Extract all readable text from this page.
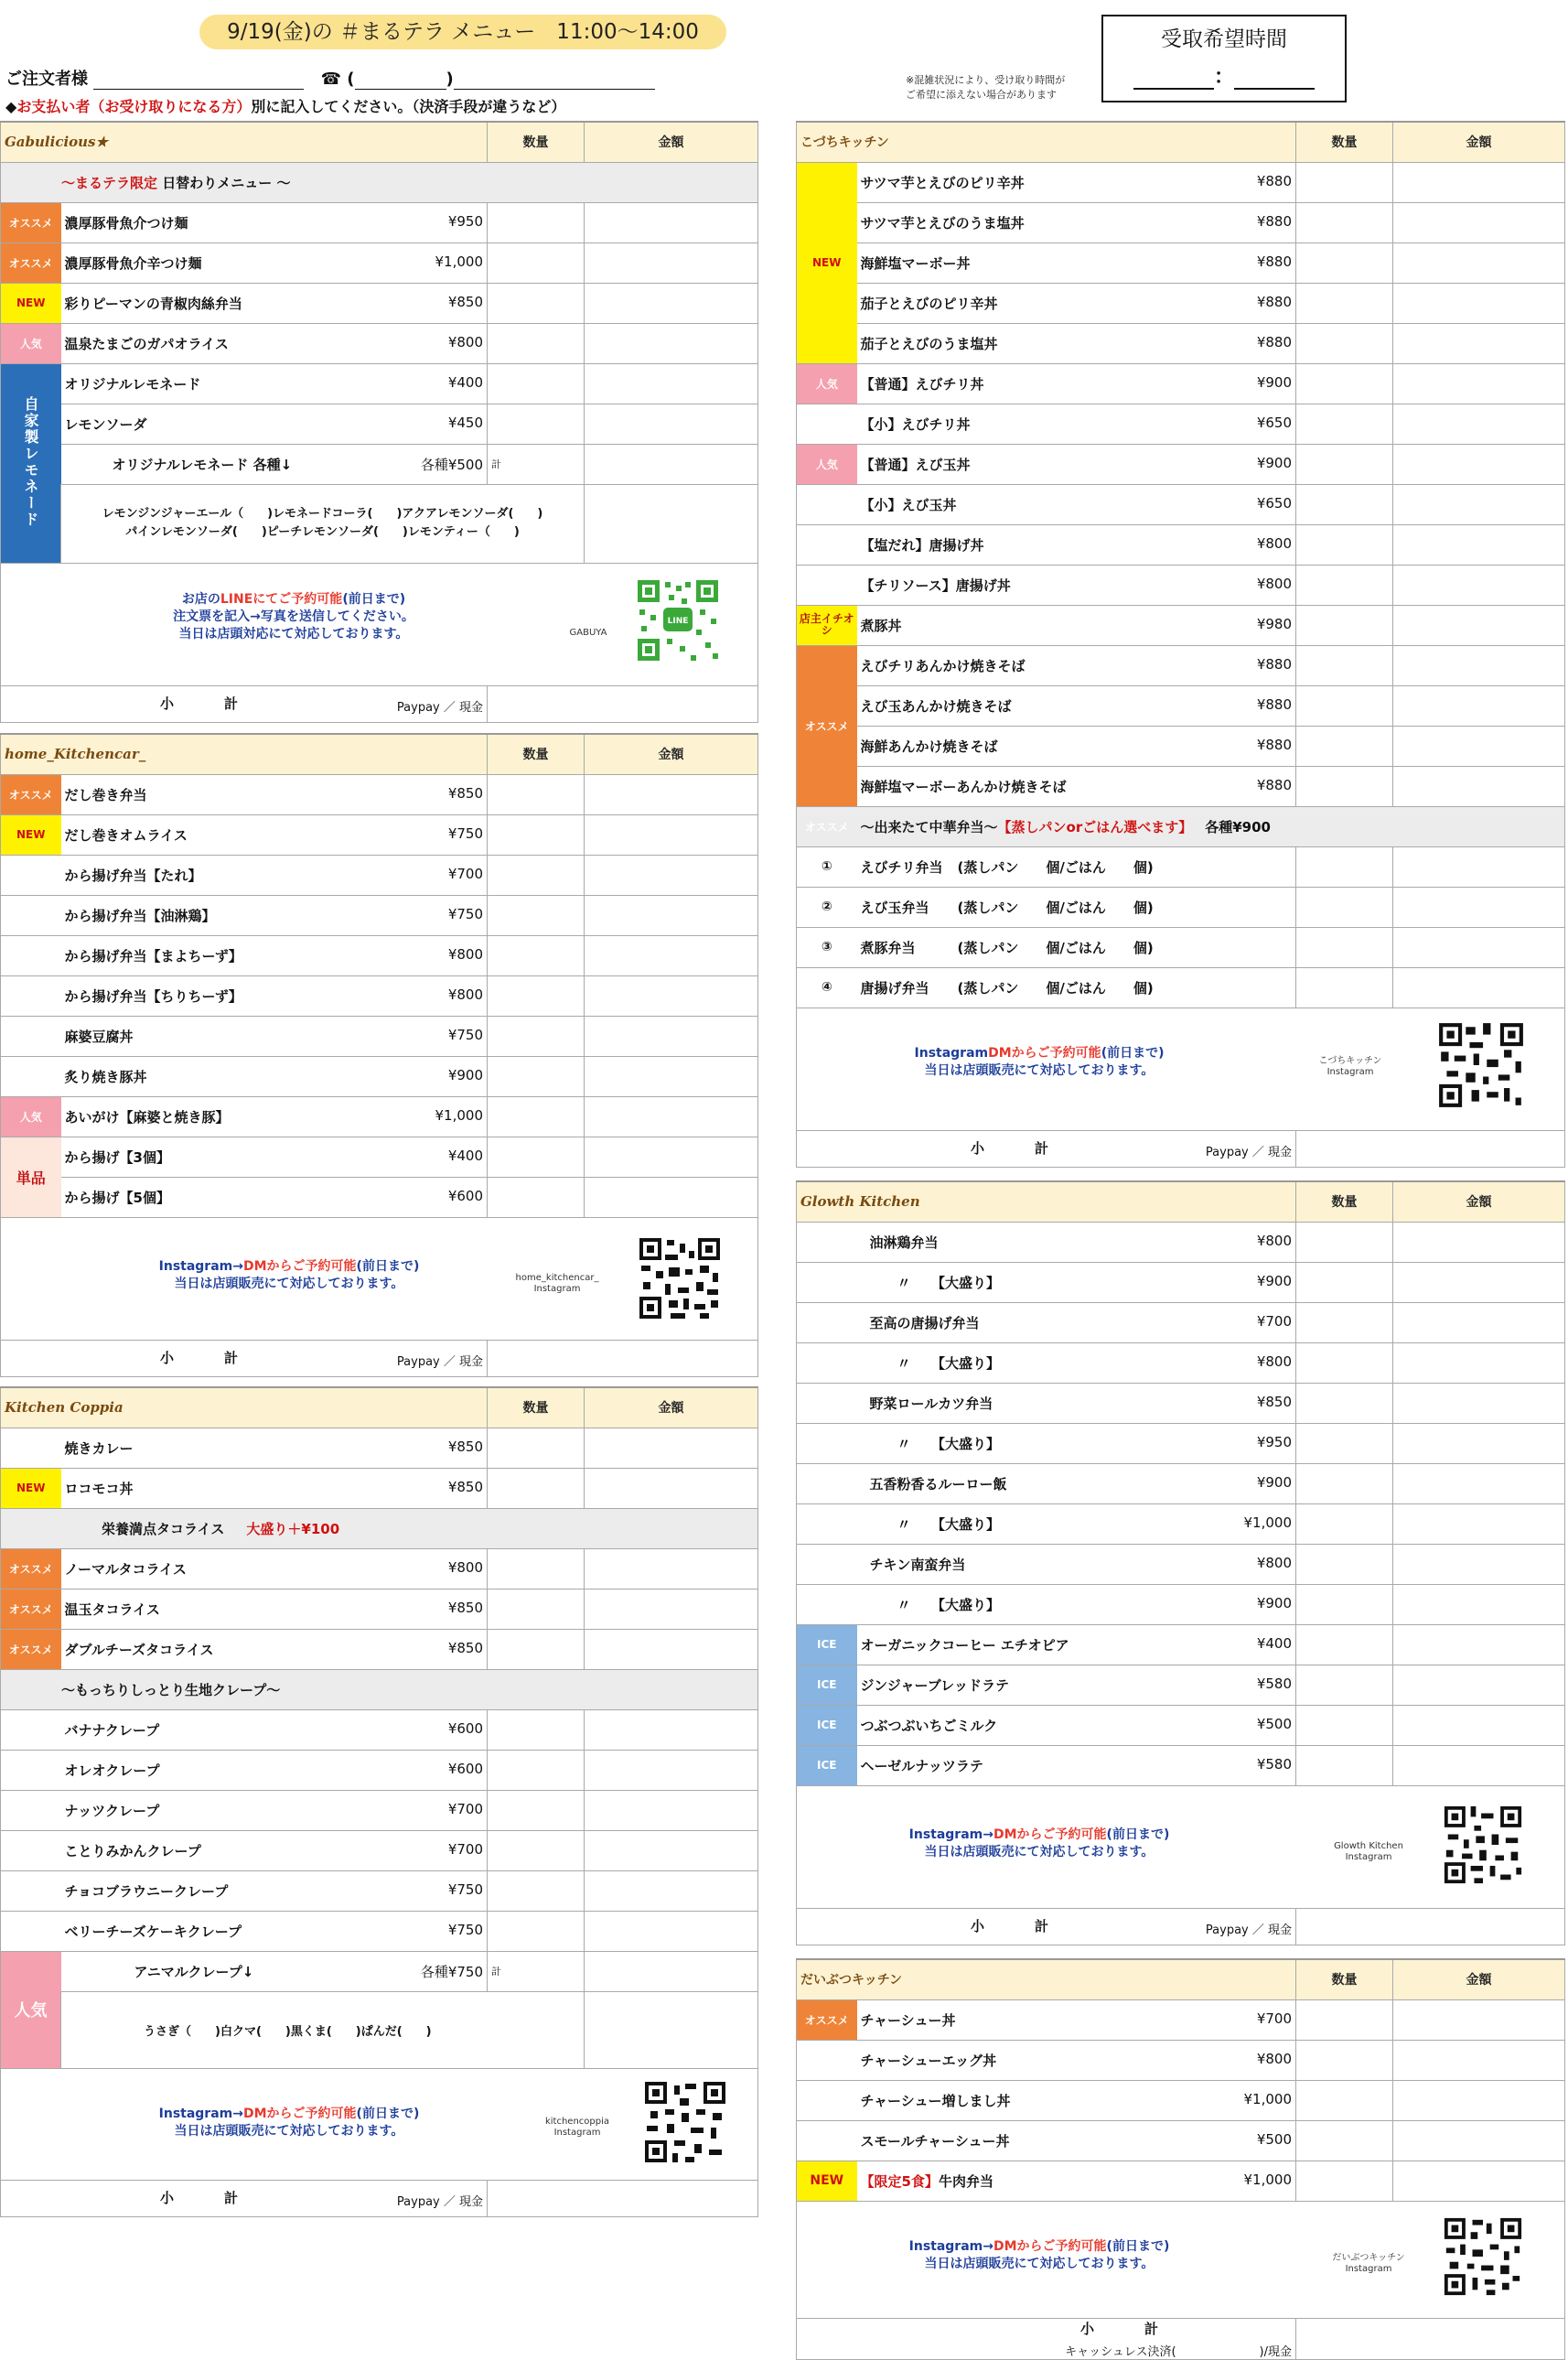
9/19(金)の ＃まるテラ メニュー　11:00～14:00
ご注文者様	☎ (	)
◆お支払い者（お受け取りになる方）別に記入してください。（決済手段が違うなど）
※混雑状況により、受け取り時間が
ご希望に添えない場合があります
受取希望時間
：
Gabulicious★		数量	金額
～まるテラ限定 日替わりメニュー ～			
オススメ	濃厚豚骨魚介つけ麺 ¥950		

オススメ	濃厚豚骨魚介辛つけ麺 ¥1,000		

NEW	彩りピーマンの青椒肉絲弁当 ¥850		

人気	温泉たまごのガパオライス ¥800		

自家製レモネード	オリジナルレモネード ¥400		

	レモンソーダ ¥450		

	オリジナルレモネード 各種↓ 各種¥500	計	

	レモンジンジャーエール（　　)レモネードコーラ(　　)アクアレモンソーダ(　　)
パインレモンソーダ(　　)ピーチレモンソーダ(　　)レモンティー（　　)		

お店のLINEにてご予約可能(前日まで)
注文票を記入→写真を送信してください。
当日は店頭対応にて対応しております。 GABUYA
LINE			

小　計 Paypay ／ 現金			

home_Kitchencar_		数量	金額
オススメ	だし巻き弁当 ¥850		

NEW	だし巻きオムライス ¥750		

	から揚げ弁当【たれ】 ¥700		

	から揚げ弁当【油淋鶏】 ¥750		

	から揚げ弁当【まよちーず】 ¥800		

	から揚げ弁当【ちりちーず】 ¥800		

	麻婆豆腐丼 ¥750		

	炙り焼き豚丼 ¥900		

人気	あいがけ【麻婆と焼き豚】 ¥1,000		

単品	から揚げ【3個】 ¥400		

	から揚げ【5個】 ¥600		

Instagram→DMからご予約可能(前日まで)
当日は店頭販売にて対応しております。 home_kitchencar_
Instagram			

小　計 Paypay ／ 現金			

Kitchen Coppia		数量	金額
	焼きカレー ¥850		

NEW	ロコモコ丼 ¥850		

栄養満点タコライス 大盛り＋¥100			
オススメ	ノーマルタコライス ¥800		

オススメ	温玉タコライス ¥850		

オススメ	ダブルチーズタコライス ¥850		

～もっちりしっとり生地クレープ～			
	バナナクレープ ¥600		

	オレオクレープ ¥600		

	ナッツクレープ ¥700		

	ことりみかんクレープ ¥700		

	チョコブラウニークレープ ¥750		

	ベリーチーズケーキクレープ ¥750		

人気	アニマルクレープ↓ 各種¥750	計	
	うさぎ（　　)白クマ(　　)黒くま(　　)ぱんだ(　　)		

Instagram→DMからご予約可能(前日まで)
当日は店頭販売にて対応しております。
kitchencoppia
Instagram			

小　計 Paypay ／ 現金			

こづちキッチン		数量	金額
NEW	サツマ芋とえびのピリ辛丼 ¥880		

	サツマ芋とえびのうま塩丼 ¥880		

	海鮮塩マーボー丼 ¥880		

	茄子とえびのピリ辛丼 ¥880		

	茄子とえびのうま塩丼 ¥880		

人気	【普通】えびチリ丼 ¥900		

	【小】えびチリ丼 ¥650		

人気	【普通】えび玉丼 ¥900		

	【小】えび玉丼 ¥650		

	【塩だれ】唐揚げ丼 ¥800		

	【チリソース】唐揚げ丼 ¥800		

店主イチオシ	煮豚丼 ¥980		

オススメ	えびチリあんかけ焼きそば ¥880		

	えび玉あんかけ焼きそば ¥880		

	海鮮あんかけ焼きそば ¥880		

	海鮮塩マーボーあんかけ焼きそば ¥880		

オススメ	～出来たて中華弁当～【蒸しパンorごはん選べます】 各種¥900		
①	えびチリ弁当 (蒸しパン　　個/ごはん　　個)		
②	えび玉弁当 (蒸しパン　　個/ごはん　　個)		
③	煮豚弁当 (蒸しパン　　個/ごはん　　個)		
④	唐揚げ弁当 (蒸しパン　　個/ごはん　　個)		

InstagramDMからご予約可能(前日まで)
当日は店頭販売にて対応しております。
こづちキッチン
Instagram			

小　計 Paypay ／ 現金			

Glowth Kitchen		数量	金額
	油淋鶏弁当 ¥800		

	〃　　【大盛り】 ¥900		

	至高の唐揚げ弁当 ¥700		

	〃　　【大盛り】 ¥800		

	野菜ロールカツ弁当 ¥850		

	〃　　【大盛り】 ¥950		

	五香粉香るルーロー飯 ¥900		

	〃　　【大盛り】 ¥1,000		

	チキン南蛮弁当 ¥800		

	〃　　【大盛り】 ¥900		

ICE	オーガニックコーヒー エチオピア ¥400		

ICE	ジンジャーブレッドラテ ¥580		

ICE	つぶつぶいちごミルク ¥500		

ICE	ヘーゼルナッツラテ ¥580		

Instagram→DMからご予約可能(前日まで)
当日は店頭販売にて対応しております。 Glowth Kitchen
Instagram			

小　計 Paypay ／ 現金			

だいぶつキッチン		数量	金額
オススメ	チャーシュー丼 ¥700		

	チャーシューエッグ丼 ¥800		

	チャーシュー増しまし丼 ¥1,000		

	スモールチャーシュー丼 ¥500		

NEW	【限定5食】牛肉弁当 ¥1,000		

Instagram→DMからご予約可能(前日まで)
当日は店頭販売にて対応しております。 だいぶつキッチン
Instagram			

小　計
キャッシュレス決済(　　　　　　　)/現金			
